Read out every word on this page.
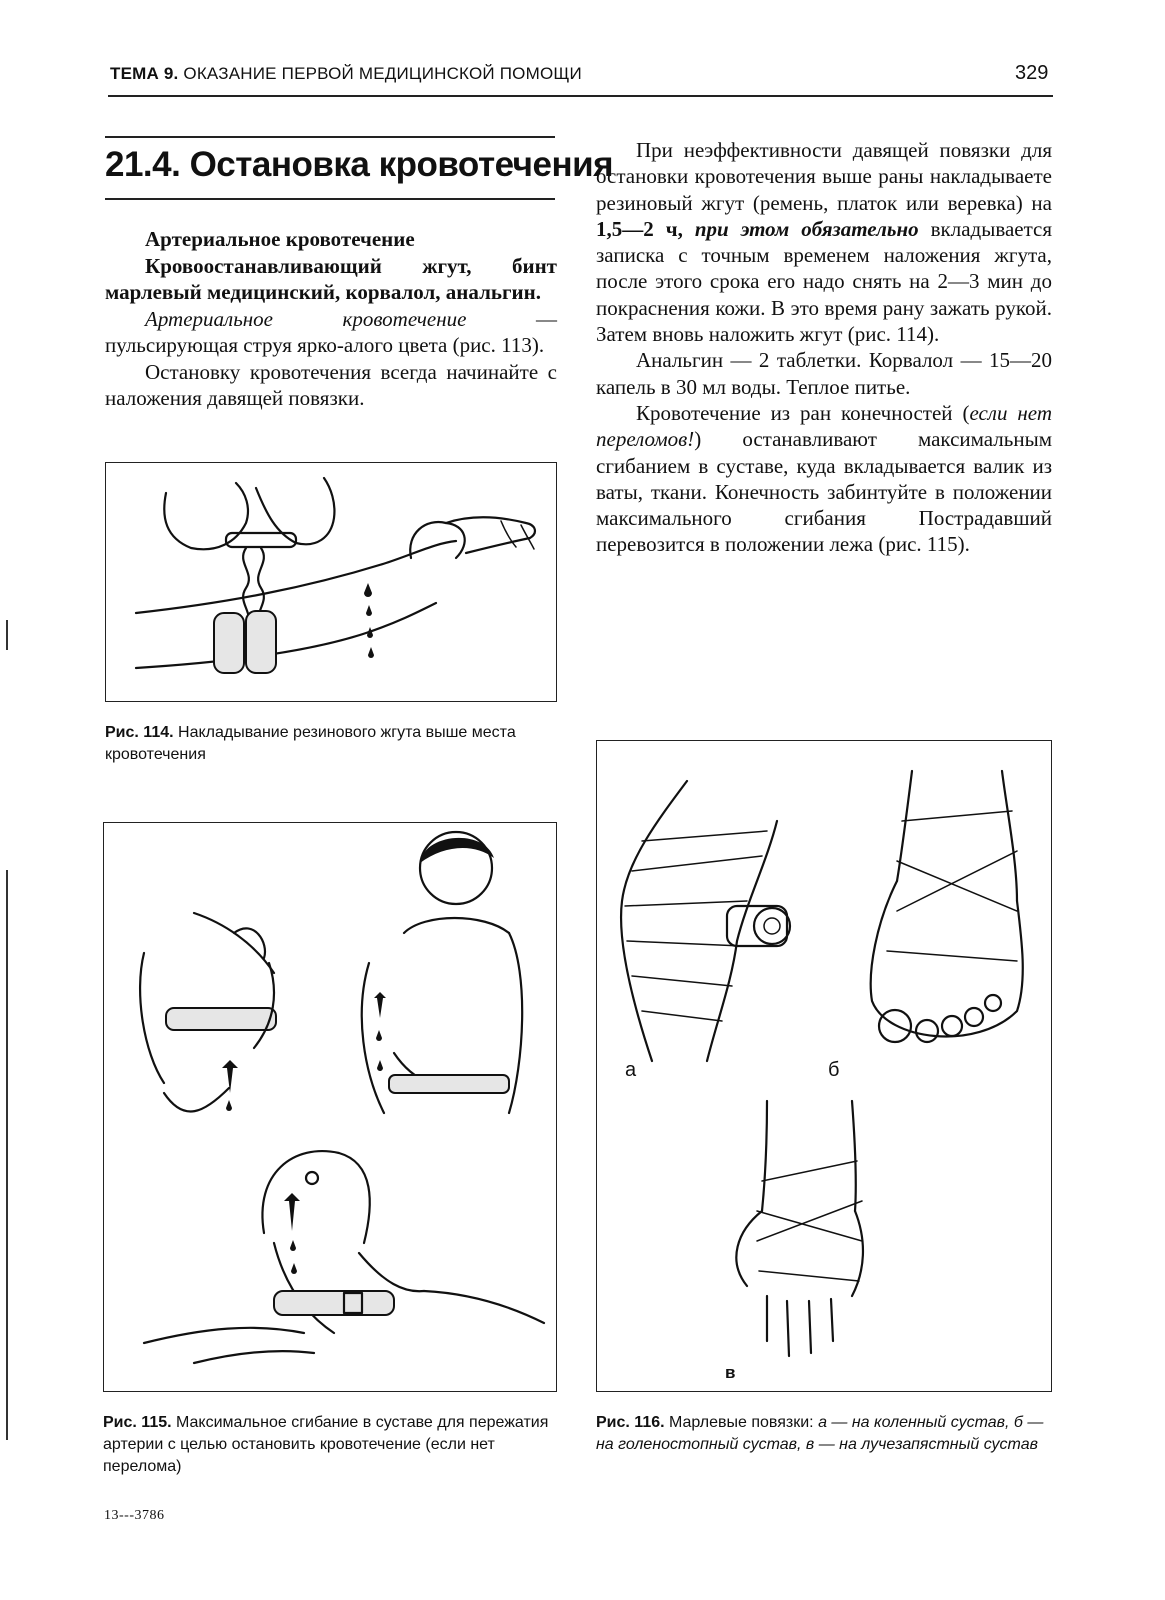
ТЕМА 9. ОКАЗАНИЕ ПЕРВОЙ МЕДИЦИНСКОЙ ПОМОЩИ	329
21.4. Остановка кровотечения

Артериальное кровотечение

Кровоостанавливающий жгут, бинт марлевый медицинский, корвалол, анальгин.

Артериальное кровотечение — пульсирующая струя ярко-алого цвета (рис. 113).

Остановку кровотечения всегда начинайте с наложения давящей повязки.

При неэффективности давящей повязки для остановки кровотечения выше раны накладываете резиновый жгут (ремень, платок или веревка) на 1,5—2 ч, при этом обязательно вкладывается записка с точным временем наложения жгута, после этого срока его надо снять на 2—3 мин до покраснения кожи. В это время рану зажать рукой. Затем вновь наложить жгут (рис. 114).

Анальгин — 2 таблетки. Корвалол — 15—20 капель в 30 мл воды. Теплое питье.

Кровотечение из ран конечностей (если нет переломов!) останавливают максимальным сгибанием в суставе, куда вкладывается валик из ваты, ткани. Конечность забинтуйте в положении максимального сгибания Пострадавший перевозится в положении лежа (рис. 115).

Рис. 114. Накладывание резинового жгута выше места кровотечения
Рис. 115. Максимальное сгибание в суставе для пережатия артерии с целью остановить кровотечение (если нет перелома)
а	б
в
Рис. 116. Марлевые повязки: а — на коленный сустав, б — на голеностопный сустав, в — на лучезапястный сустав
13---3786
